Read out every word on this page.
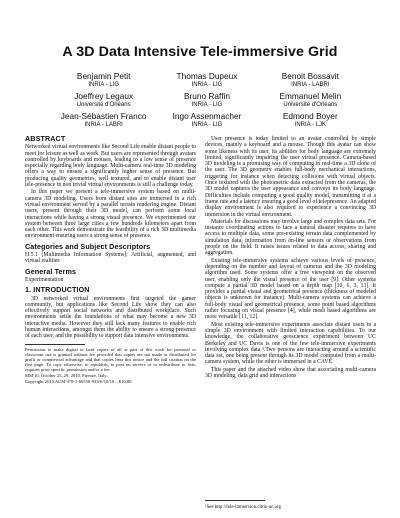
A 3D Data Intensive Tele-immersive Grid
Benjamin Petit
INRIA - LIG
Thomas Dupeux
INRIA - LIG
Benoit Bossavit
INRIA - LABRI
Joeffrey Legaux
Université d'Orléans
Bruno Raffin
INRIA - LIG
Emmanuel Melin
Université d'Orléans
Jean-Sébastien Franco
INRIA - LABRI
Ingo Assenmacher
INRIA - LIG
Edmond Boyer
INRIA - LJK
ABSTRACT

Networked virtual environments like Second Life enable distant people to meet for leisure as well as work. But users are represented through avatars controlled by keyboards and mouses, leading to a low sense of presence especially regarding body language. Multi-camera real-time 3D modeling offers a way to ensure a significantly higher sense of presence. But producing quality geometries, well textured, and to enable distant user tele-presence in non trivial virtual environments is still a challenge today.

In this paper we present a tele-immersive system based on multi-camera 3D modeling. Users from distant sites are immersed in a rich virtual environment served by a parallel terrain rendering engine. Distant users, present through their 3D model, can perform some local interactions while having a strong visual presence. We experimented our system between three large cities a few hundreds kilometers apart from each other. This work demonstrate the feasibility of a rich 3D multimedia environment ensuring users a strong sense of presence.

Categories and Subject Descriptors

H.5.1 [Multimedia Information Systems]: Artificial, augmented, and virtual realities

General Terms

Experimentation

1. INTRODUCTION

3D networked virtual environments first targeted the gamer community, but applications like Second Life show they can also effectively support social networks and distributed workplace. Such environments settle the foundations of what may become a new 3D interactive media. However they still lack many features to enable rich human interactions, amongst them the ability to ensure a strong presence of each user, and the possibility to support data intensive environments.

Permission to make digital or hard copies of all or part of this work for personal or classroom use is granted without fee provided that copies are not made or distributed for profit or commercial advantage and that copies bear this notice and the full citation on the first page. To copy otherwise, to republish, to post on servers or to redistribute to lists, requires prior specific permission and/or a fee.

MM'10, October 25–29, 2010, Firenze, Italy.

Copyright 2010 ACM 978-1-60558-933-6/10/10 ...$10.00.

User presence is today limited to an avatar controlled by simple devices, mainly a keyboard and a mouse. Though this avatar can show some likeness with its user, its abilities for body language are extremely limited, significantly impairing the user virtual presence. Camera-based 3D modeling is a promising way of computing in real-time a 3D clone of the user. The 3D geometry enables full-body mechanical interactions, triggering for instance when detecting collisions with virtual objects. Once textured with the photometric data extracted from the cameras, the 3D model captures the user appearance and conveys its body language. Difficulties include computing a good quality model, transmitting it at a frame rate and a latency ensuring a good level of telepresence. An adapted display environment is also required to experience a convincing 3D immersion in the virtual environment.

Materials for discussions may involve large and complex data sets. For instance coordinating actions to face a natural disaster requires to have access to multiple data, some pre-existing terrain data complemented by simulation data, information from on-line sensors or observations from people on the field. It raises issues related to data access, sharing and aggregation.

Existing tele-immersive systems achieve various levels of presence, depending on the number and layout of cameras and the 3D modeling algorithm used. Some systems offer a free viewpoint on the observed user, enabling only the visual presence of the user [9]. Other systems compute a partial 3D model based on a depth map [10, 6, 3, 13]. It provides a partial visual and geometrical presence (thickness of modeled objects is unknown for instance). Multi-camera systems can achieve a full-body visual and geometrical presence, some point based algorithms rather focusing on visual presence [4], while mesh based algorithms are more versatile [11, 12].

Most existing tele-immersive experiments associate distant users in a simple 3D environment with limited interaction capabilities. To our knowledge, the collaborative geoscience experiment between UC Berkeley and UC Davis is one of the few tele-immersive experiments involving complex data ¹.Two persons are interacting around a scientific data set, one being present through its 3D model computed from a multi-camera system, while the other is immersed in a CAVE.

This paper and the attached video show that associating multi-camera 3D modeling, data grid and interactions

¹See http://tele-immersion.citris-uc.org
